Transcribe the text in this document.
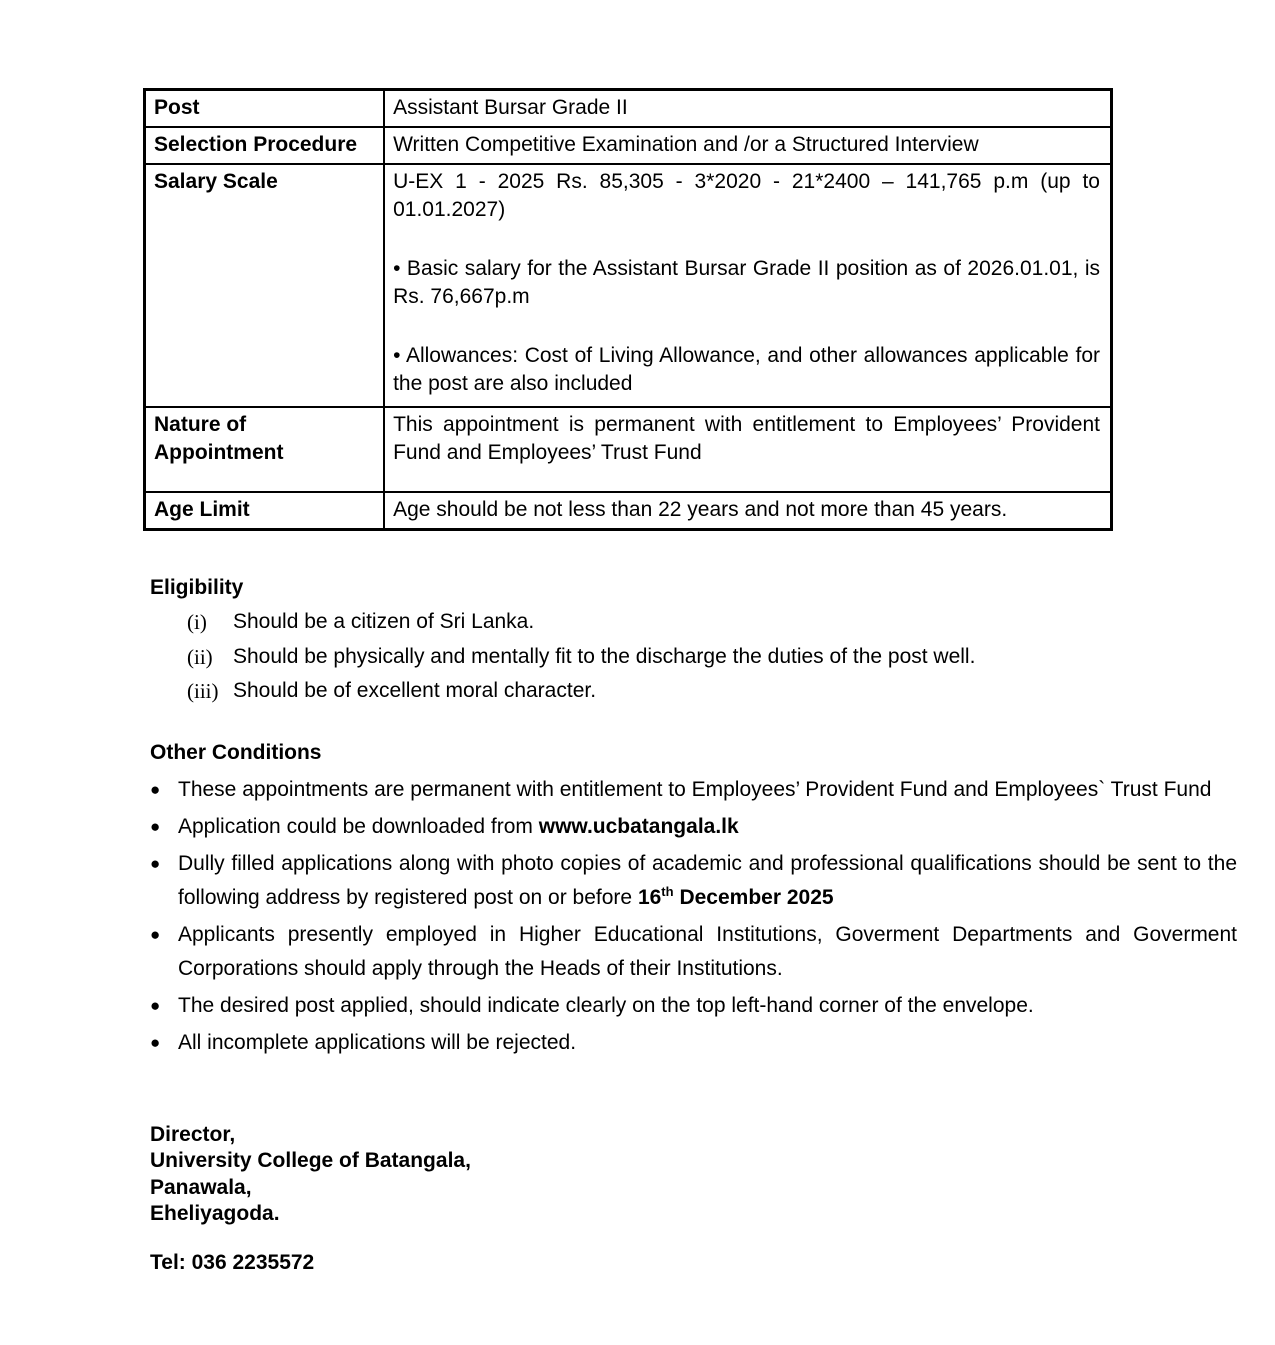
Post	Assistant Bursar Grade II
Selection Procedure	Written Competitive Examination and /or a Structured Interview
Salary Scale	U-EX 1 - 2025 Rs. 85,305 - 3*2020 - 21*2400 – 141,765 p.m (up to 01.01.2027)

• Basic salary for the Assistant Bursar Grade II position as of 2026.01.01, is Rs. 76,667p.m

• Allowances: Cost of Living Allowance, and other allowances applicable for the post are also included

Nature of Appointment	This appointment is permanent with entitlement to Employees’ Provident Fund and Employees’ Trust Fund
Age Limit	Age should be not less than 22 years and not more than 45 years.
Eligibility
(i)	Should be a citizen of Sri Lanka.
(ii) Should be physically and mentally fit to the discharge the duties of the post well.
(iii) Should be of excellent moral character.
Other Conditions
● These appointments are permanent with entitlement to Employees’ Provident Fund and Employees` Trust Fund
● Application could be downloaded from www.ucbatangala.lk
● Dully filled applications along with photo copies of academic and professional qualifications should be sent to the following address by registered post on or before 16th December 2025
● Applicants presently employed in Higher Educational Institutions, Goverment Departments and Goverment Corporations should apply through the Heads of their Institutions.
● The desired post applied, should indicate clearly on the top left-hand corner of the envelope.
● All incomplete applications will be rejected.
Director,
University College of Batangala,
Panawala,
Eheliyagoda.
Tel: 036 2235572
